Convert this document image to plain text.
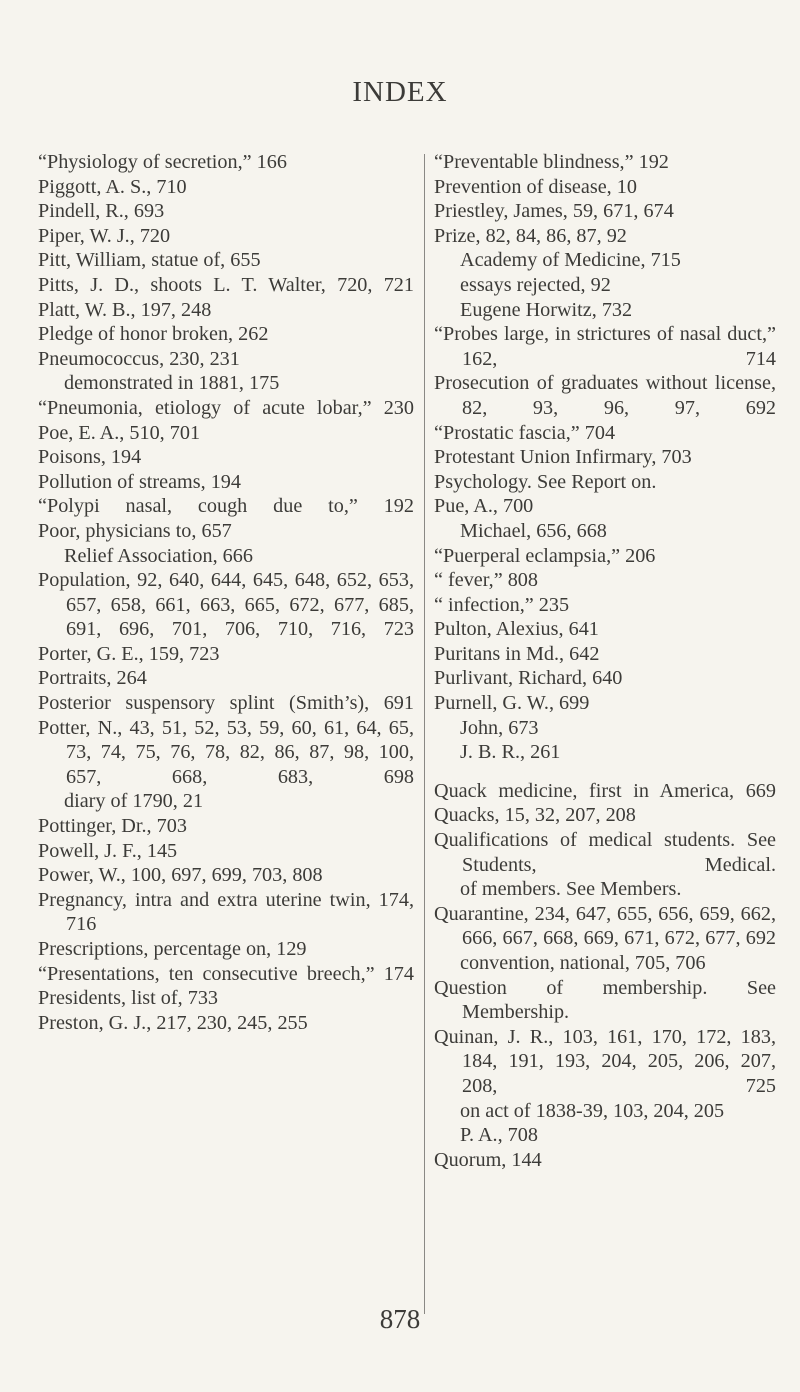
INDEX

“Physiology of secretion,” 166

Piggott, A. S., 710

Pindell, R., 693

Piper, W. J., 720

Pitt, William, statue of, 655

Pitts, J. D., shoots L. T. Walter, 720, 721

Platt, W. B., 197, 248

Pledge of honor broken, 262

Pneumococcus, 230, 231

demonstrated in 1881, 175

“Pneumonia, etiology of acute lobar,” 230

Poe, E. A., 510, 701

Poisons, 194

Pollution of streams, 194

“Polypi nasal, cough due to,” 192

Poor, physicians to, 657

Relief Association, 666

Population, 92, 640, 644, 645, 648, 652, 653, 657, 658, 661, 663, 665, 672, 677, 685, 691, 696, 701, 706, 710, 716, 723

Porter, G. E., 159, 723

Portraits, 264

Posterior suspensory splint (Smith’s), 691

Potter, N., 43, 51, 52, 53, 59, 60, 61, 64, 65, 73, 74, 75, 76, 78, 82, 86, 87, 98, 100, 657, 668, 683, 698

diary of 1790, 21

Pottinger, Dr., 703

Powell, J. F., 145

Power, W., 100, 697, 699, 703, 808

Pregnancy, intra and extra uterine twin, 174, 716

Prescriptions, percentage on, 129

“Presentations, ten consecutive breech,” 174

Presidents, list of, 733

Preston, G. J., 217, 230, 245, 255

“Preventable blindness,” 192

Prevention of disease, 10

Priestley, James, 59, 671, 674

Prize, 82, 84, 86, 87, 92

Academy of Medicine, 715

essays rejected, 92

Eugene Horwitz, 732

“Probes large, in strictures of nasal duct,” 162, 714

Prosecution of graduates without license, 82, 93, 96, 97, 692

“Prostatic fascia,” 704

Protestant Union Infirmary, 703

Psychology. See Report on.

Pue, A., 700

Michael, 656, 668

“Puerperal eclampsia,” 206

“ fever,” 808

“ infection,” 235

Pulton, Alexius, 641

Puritans in Md., 642

Purlivant, Richard, 640

Purnell, G. W., 699

John, 673

J. B. R., 261

Quack medicine, first in America, 669

Quacks, 15, 32, 207, 208

Qualifications of medical students. See Students, Medical.

of members. See Members.

Quarantine, 234, 647, 655, 656, 659, 662, 666, 667, 668, 669, 671, 672, 677, 692

convention, national, 705, 706

Question of membership. See Membership.

Quinan, J. R., 103, 161, 170, 172, 183, 184, 191, 193, 204, 205, 206, 207, 208, 725

on act of 1838-39, 103, 204, 205

P. A., 708

Quorum, 144

878
